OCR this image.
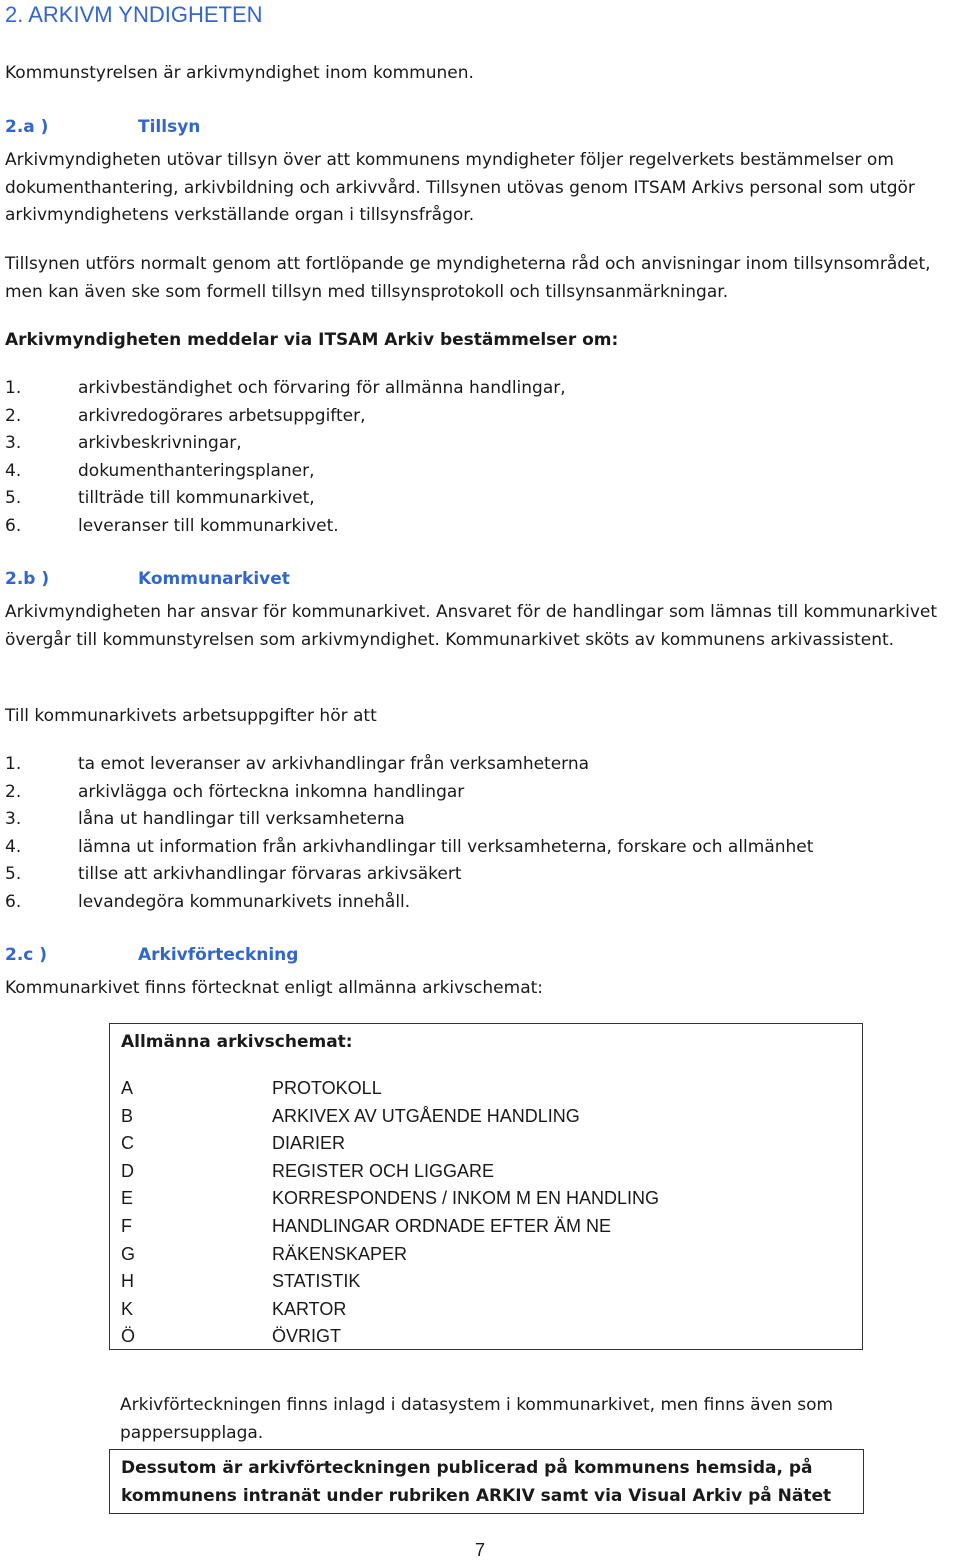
2. ARKIVM YNDIGHETEN

Kommunstyrelsen är arkivmyndighet inom kommunen.

2.a )	Tillsyn

Arkivmyndigheten utövar tillsyn över att kommunens myndigheter följer regelverkets bestämmelser om dokumenthantering, arkivbildning och arkivvård. Tillsynen utövas genom ITSAM Arkivs personal som utgör arkivmyndighetens verkställande organ i tillsynsfrågor.

Tillsynen utförs normalt genom att fortlöpande ge myndigheterna råd och anvisningar inom tillsynsområdet, men kan även ske som formell tillsyn med tillsynsprotokoll och tillsynsanmärkningar.

Arkivmyndigheten meddelar via ITSAM Arkiv bestämmelser om:

1.	arkivbeständighet och förvaring för allmänna handlingar,
2.	arkivredogörares arbetsuppgifter,
3.	arkivbeskrivningar,
4.	dokumenthanteringsplaner,
5.	tillträde till kommunarkivet,
6.	leveranser till kommunarkivet.
2.b )	Kommunarkivet

Arkivmyndigheten har ansvar för kommunarkivet. Ansvaret för de handlingar som lämnas till kommunarkivet övergår till kommunstyrelsen som arkivmyndighet. Kommunarkivet sköts av kommunens arkivassistent.

Till kommunarkivets arbetsuppgifter hör att

1.	ta emot leveranser av arkivhandlingar från verksamheterna
2.	arkivlägga och förteckna inkomna handlingar
3.	låna ut handlingar till verksamheterna
4.	lämna ut information från arkivhandlingar till verksamheterna, forskare och allmänhet
5.	tillse att arkivhandlingar förvaras arkivsäkert
6.	levandegöra kommunarkivets innehåll.
2.c )	Arkivförteckning

Kommunarkivet finns förtecknat enligt allmänna arkivschemat:

Allmänna arkivschemat:
A	PROTOKOLL
B	ARKIVEX AV UTGÅENDE HANDLING
C	DIARIER
D	REGISTER OCH LIGGARE
E	KORRESPONDENS / INKOM M EN HANDLING
F	HANDLINGAR ORDNADE EFTER ÄM NE
G	RÄKENSKAPER
H	STATISTIK
K	KARTOR
Ö	ÖVRIGT

Arkivförteckningen finns inlagd i datasystem i kommunarkivet, men finns även som pappersupplaga.

Dessutom är arkivförteckningen publicerad på kommunens hemsida, på kommunens intranät under rubriken ARKIV samt via Visual Arkiv på Nätet
7
